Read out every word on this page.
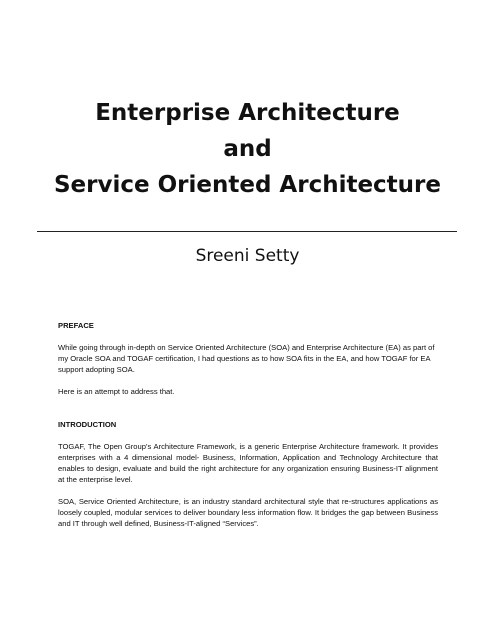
Enterprise Architecture
and
Service Oriented Architecture
Sreeni Setty
PREFACE

While going through in-depth on Service Oriented Architecture (SOA) and Enterprise Architecture (EA) as part of my Oracle SOA and TOGAF certification, I had questions as to how SOA fits in the EA, and how TOGAF for EA support adopting SOA.

Here is an attempt to address that.

INTRODUCTION

TOGAF, The Open Group’s Architecture Framework, is a generic Enterprise Architecture framework. It provides enterprises with a 4 dimensional model- Business, Information, Application and Technology Architecture that enables to design, evaluate and build the right architecture for any organization ensuring Business-IT alignment at the enterprise level.

SOA, Service Oriented Architecture, is an industry standard architectural style that re-structures applications as loosely coupled, modular services to deliver boundary less information flow. It bridges the gap between Business and IT through well defined, Business-IT-aligned “Services”.
